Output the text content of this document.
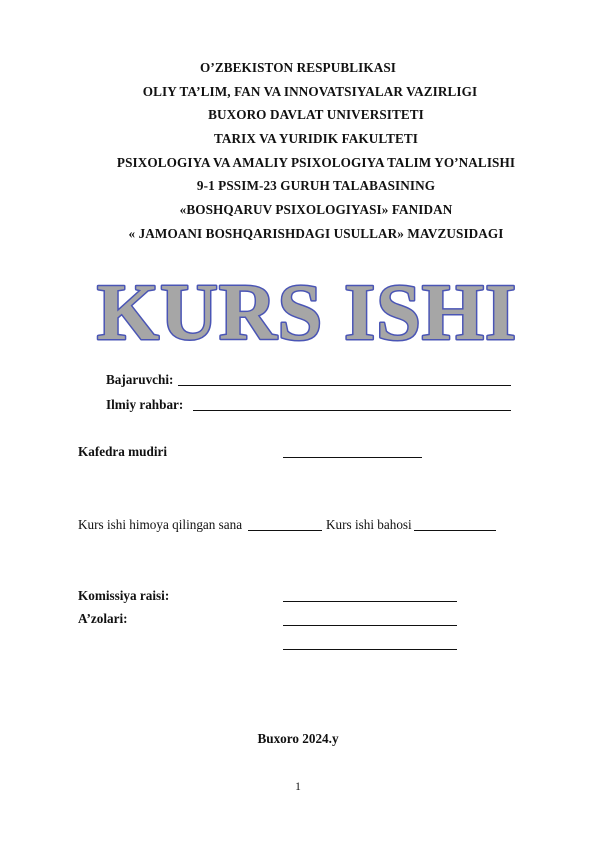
O’ZBEKISTON RESPUBLIKASI
OLIY TA’LIM, FAN VA INNOVATSIYALAR VAZIRLIGI
BUXORO DAVLAT UNIVERSITETI
TARIX VA YURIDIK FAKULTETI
PSIXOLOGIYA VA AMALIY PSIXOLOGIYA TALIM YO’NALISHI
9-1 PSSIM-23 GURUH TALABASINING
«BOSHQARUV PSIXOLOGIYASI» FANIDAN
« JAMOANI BOSHQARISHDAGI USULLAR» MAVZUSIDAGI
KURS ISHI
Bajaruvchi:
Ilmiy rahbar:
Kafedra mudiri
Kurs ishi himoya qilingan sana	Kurs ishi bahosi
Komissiya raisi:
A’zolari:
Buxoro 2024.y
1
